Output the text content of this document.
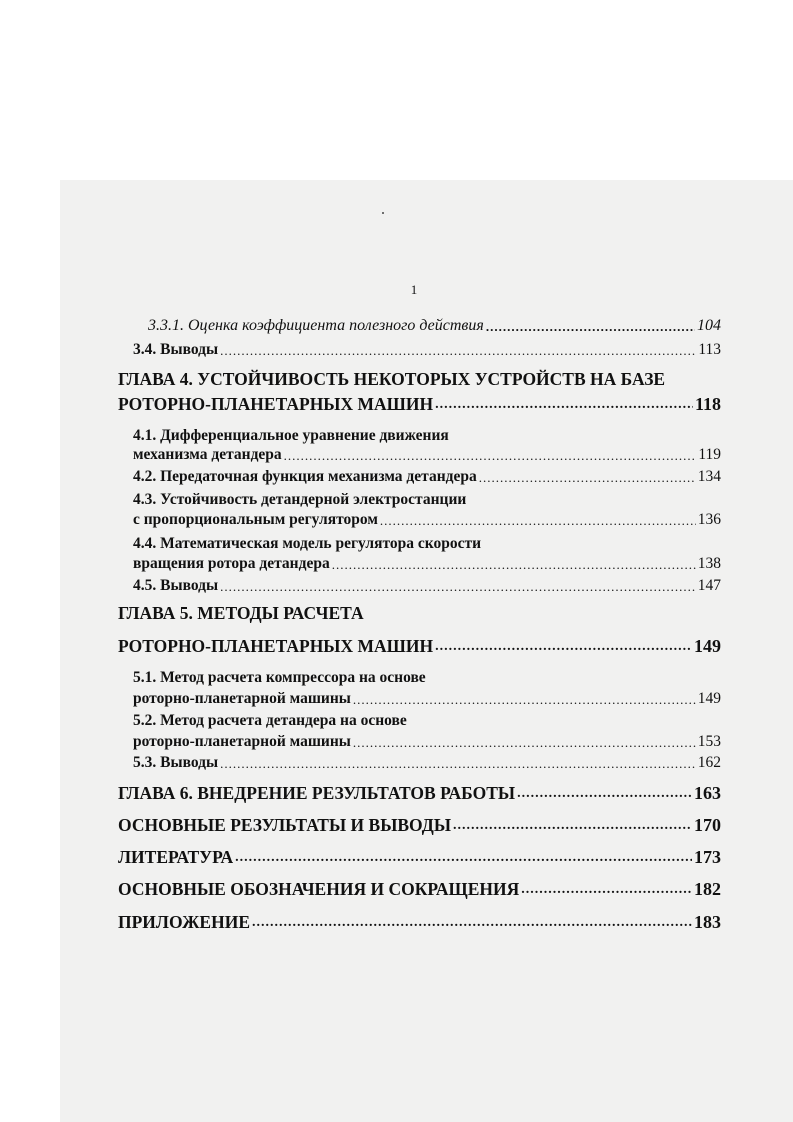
1
3.3.1. Оценка коэффициента полезного действия .....	104
3.4. Выводы .....	113
ГЛАВА 4. УСТОЙЧИВОСТЬ НЕКОТОРЫХ УСТРОЙСТВ НА БАЗЕ
РОТОРНО-ПЛАНЕТАРНЫХ МАШИН .....	118
4.1. Дифференциальное уравнение движения
механизма детандера .....	119
4.2. Передаточная функция механизма детандера .....	134
4.3. Устойчивость детандерной электростанции
с пропорциональным регулятором .....	136
4.4. Математическая модель регулятора скорости
вращения ротора детандера .....	138
4.5. Выводы .....	147
ГЛАВА 5. МЕТОДЫ РАСЧЕТА
РОТОРНО-ПЛАНЕТАРНЫХ МАШИН .....	149
5.1. Метод расчета компрессора на основе
роторно-планетарной машины .....	149
5.2. Метод расчета детандера на основе
роторно-планетарной машины .....	153
5.3. Выводы .....	162
ГЛАВА 6. ВНЕДРЕНИЕ РЕЗУЛЬТАТОВ РАБОТЫ .....	163
ОСНОВНЫЕ РЕЗУЛЬТАТЫ И ВЫВОДЫ .....	170
ЛИТЕРАТУРА .....	173
ОСНОВНЫЕ ОБОЗНАЧЕНИЯ И СОКРАЩЕНИЯ .....	182
ПРИЛОЖЕНИЕ .....	183
